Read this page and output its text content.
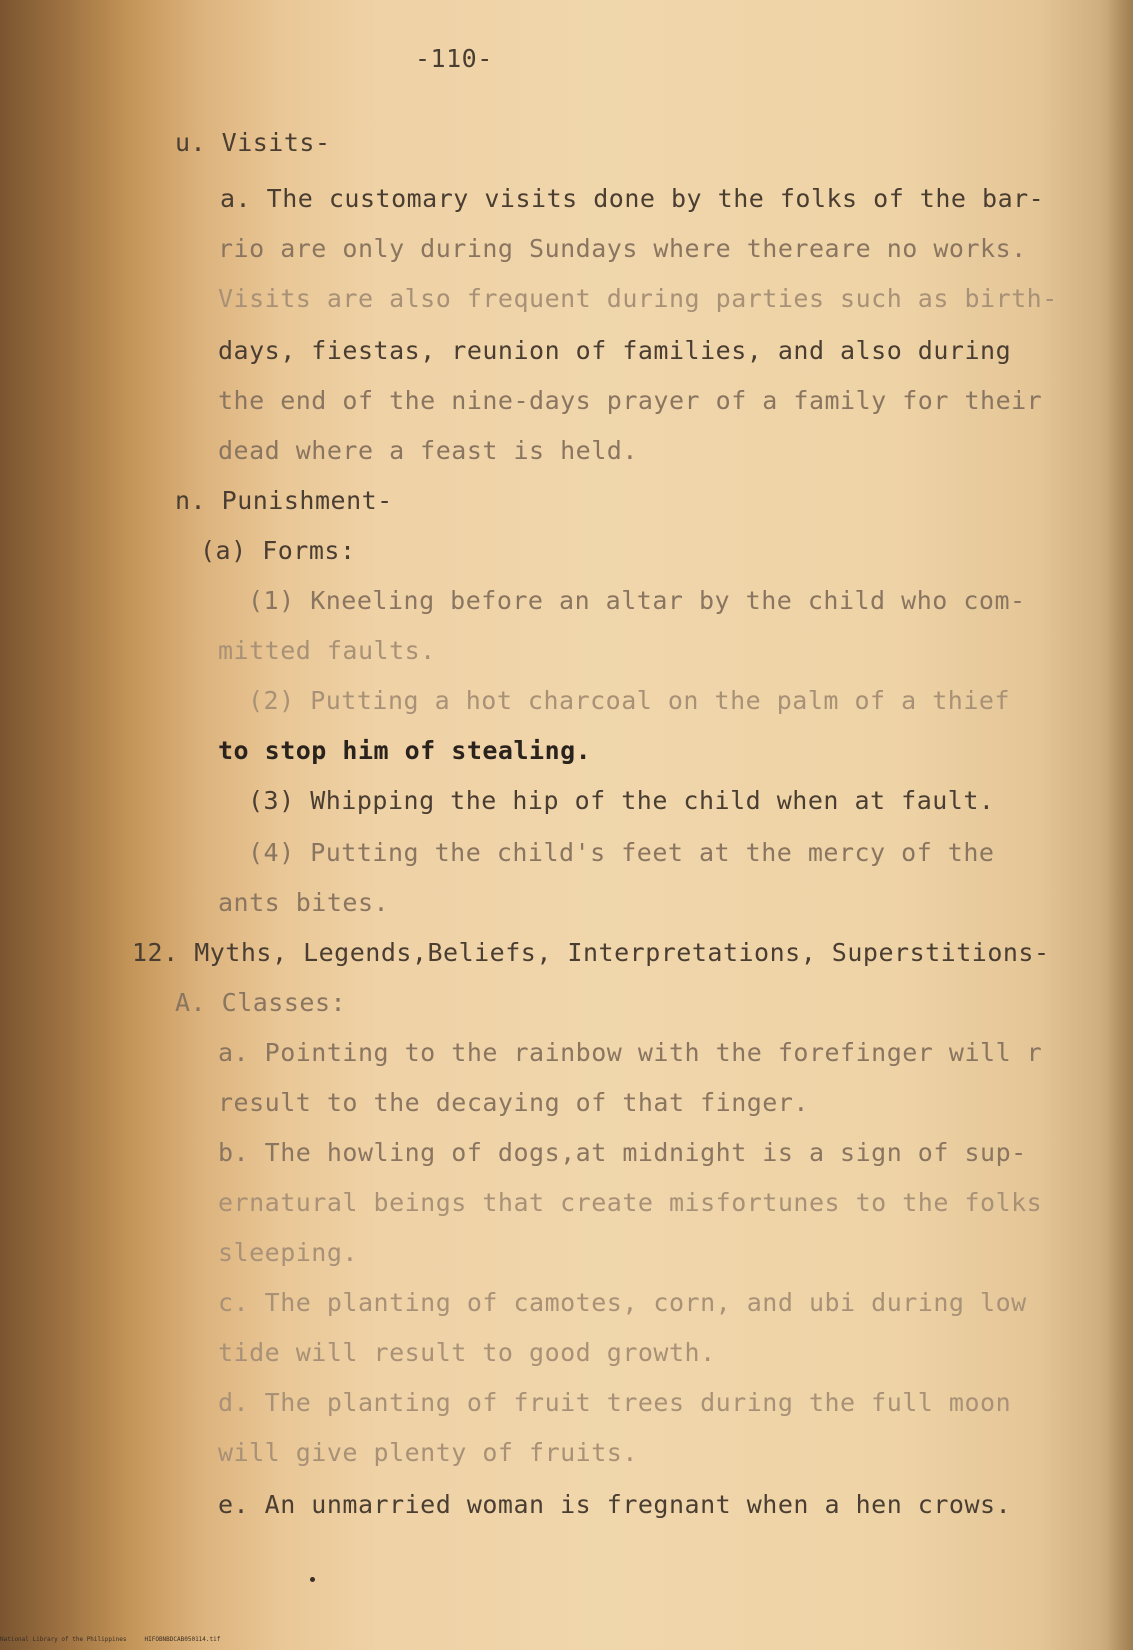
-110-
u. Visits-
a. The customary visits done by the folks of the bar-
rio are only during Sundays where thereare no works.
Visits are also frequent during parties such as birth-
days, fiestas, reunion of families, and also during
the end of the nine-days prayer of a family for their
dead where a feast is held.
n. Punishment-
(a) Forms:
(1) Kneeling before an altar by the child who com-
mitted faults.
(2) Putting a hot charcoal on the palm of a thief
to stop him of stealing.
(3) Whipping the hip of the child when at fault.
(4) Putting the child's feet at the mercy of the
ants bites.
12. Myths, Legends,Beliefs, Interpretations, Superstitions-
A. Classes:
a. Pointing to the rainbow with the forefinger will r
result to the decaying of that finger.
b. The howling of dogs,at midnight is a sign of sup-
ernatural beings that create misfortunes to the folks
sleeping.
c. The planting of camotes, corn, and ubi during low
tide will result to good growth.
d. The planting of fruit trees during the full moon
will give plenty of fruits.
e. An unmarried woman is fregnant when a hen crows.
National Library of the Philippines     HIFOBNBDCAB050114.tif
